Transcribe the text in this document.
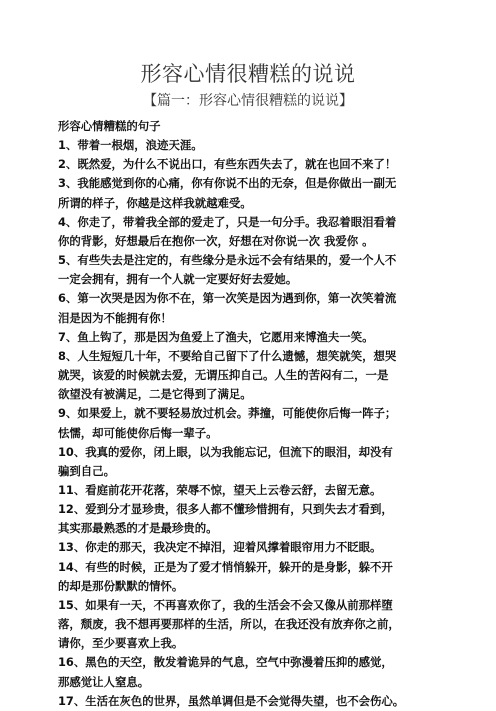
形容心情很糟糕的说说
【篇一：形容心情很糟糕的说说】
形容心情糟糕的句子
1、带着一根烟，浪迹天涯。
2、既然爱，为什么不说出口，有些东西失去了，就在也回不来了！
3、我能感觉到你的心痛，你有你说不出的无奈，但是你做出一副无
所谓的样子，你越是这样我就越难受。
4、你走了，带着我全部的爱走了，只是一句分手。我忍着眼泪看着
你的背影，好想最后在抱你一次，好想在对你说一次 我爱你 。
5、有些失去是注定的，有些缘分是永远不会有结果的，爱一个人不
一定会拥有，拥有一个人就一定要好好去爱她。
6、第一次哭是因为你不在，第一次笑是因为遇到你，第一次笑着流
泪是因为不能拥有你！
7、鱼上钩了，那是因为鱼爱上了渔夫，它愿用来博渔夫一笑。
8、人生短短几十年，不要给自己留下了什么遗憾，想笑就笑，想哭
就哭，该爱的时候就去爱，无谓压抑自己。人生的苦闷有二，一是
欲望没有被满足，二是它得到了满足。
9、如果爱上，就不要轻易放过机会。莽撞，可能使你后悔一阵子；
怯懦，却可能使你后悔一辈子。
10、我真的爱你，闭上眼，以为我能忘记，但流下的眼泪，却没有
骗到自己。
11、看庭前花开花落，荣辱不惊，望天上云卷云舒，去留无意。
12、爱到分才显珍贵，很多人都不懂珍惜拥有，只到失去才看到，
其实那最熟悉的才是最珍贵的。
13、你走的那天，我决定不掉泪，迎着风撑着眼帘用力不眨眼。
14、有些的时候，正是为了爱才悄悄躲开，躲开的是身影，躲不开
的却是那份默默的情怀。
15、如果有一天，不再喜欢你了，我的生活会不会又像从前那样堕
落，颓废，我不想再要那样的生活，所以，在我还没有放弃你之前，
请你，至少要喜欢上我。
16、黑色的天空，散发着诡异的气息，空气中弥漫着压抑的感觉，
那感觉让人窒息。
17、生活在灰色的世界，虽然单调但是不会觉得失望，也不会伤心。
